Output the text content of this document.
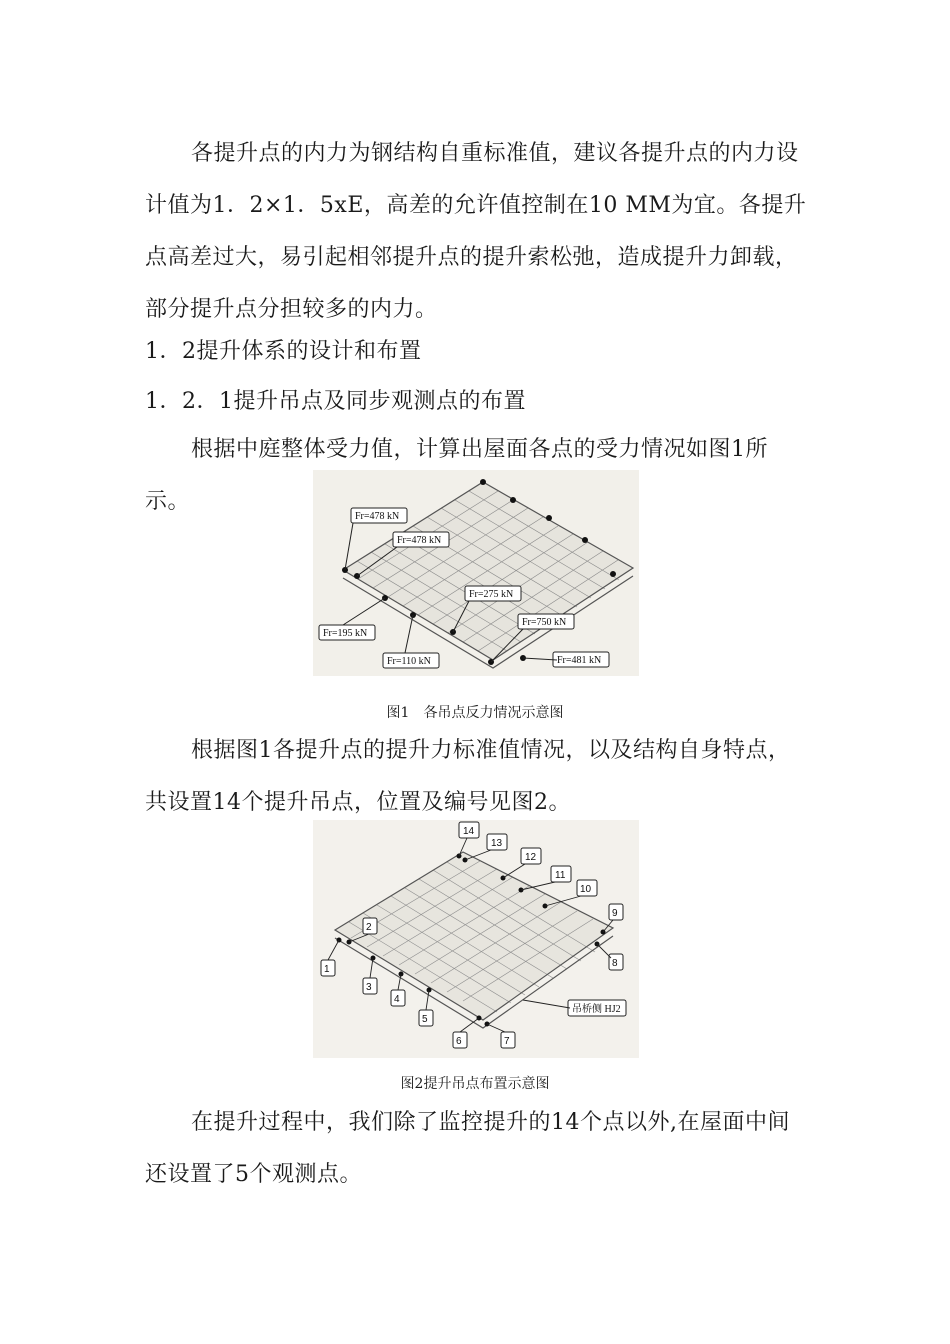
各提升点的内力为钢结构自重标准值，建议各提升点的内力设计值为1．2×1．5xE，高差的允许值控制在10 MM为宜。各提升点高差过大，易引起相邻提升点的提升索松弛，造成提升力卸载，部分提升点分担较多的内力。

1．2提升体系的设计和布置

1．2．1提升吊点及同步观测点的布置

根据中庭整体受力值，计算出屋面各点的受力情况如图1所示。

Fr=478 kN
Fr=478 kN
Fr=275 kN
Fr=195 kN
Fr=110 kN
Fr=750 kN
Fr=481 kN

图1　各吊点反力情况示意图

根据图1各提升点的提升力标准值情况，以及结构自身特点，共设置14个提升吊点，位置及编号见图2。

1
2
3
4
5
6	7
8
9
10
11
12
13
14
吊桥侧 HJ2

图2提升吊点布置示意图

在提升过程中，我们除了监控提升的14个点以外,在屋面中间还设置了5个观测点。
